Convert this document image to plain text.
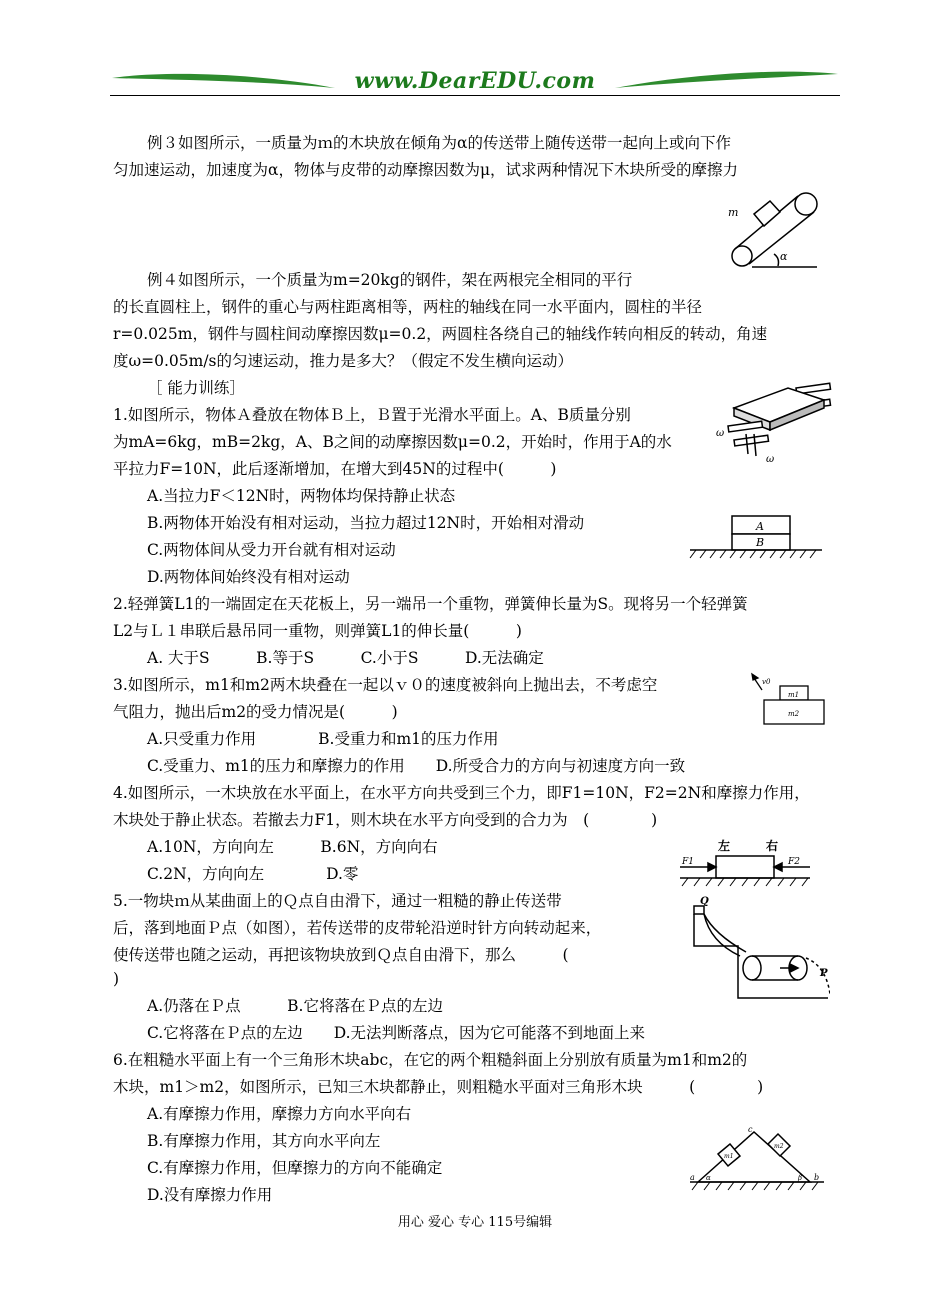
www.DearEDU.com
例３如图所示，一质量为ｍ的木块放在倾角为α的传送带上随传送带一起向上或向下作
匀加速运动，加速度为α，物体与皮带的动摩擦因数为μ，试求两种情况下木块所受的摩擦力
例４如图所示，一个质量为m=20kg的钢件，架在两根完全相同的平行
的长直圆柱上，钢件的重心与两柱距离相等，两柱的轴线在同一水平面内，圆柱的半径
r=0.025m，钢件与圆柱间动摩擦因数μ=0.2，两圆柱各绕自己的轴线作转向相反的转动，角速
度ω=0.05m/s的匀速运动，推力是多大？（假定不发生横向运动）
［ 能力训练］
1.如图所示，物体Ａ叠放在物体Ｂ上，Ｂ置于光滑水平面上。A、B质量分别
为mA=6kg，mB=2kg，A、B之间的动摩擦因数μ=0.2，开始时，作用于A的水
平拉力F=10N，此后逐渐增加，在增大到45N的过程中(　　　)
A.当拉力F＜12N时，两物体均保持静止状态
B.两物体开始没有相对运动，当拉力超过12N时，开始相对滑动
C.两物体间从受力开台就有相对运动
D.两物体间始终没有相对运动
2.轻弹簧L1的一端固定在天花板上，另一端吊一个重物，弹簧伸长量为S。现将另一个轻弹簧
L2与Ｌ１串联后悬吊同一重物，则弹簧L1的伸长量(　　　)
A. 大于S　　　B.等于S　　　C.小于S　　　D.无法确定
3.如图所示，m1和m2两木块叠在一起以ｖ０的速度被斜向上抛出去，不考虑空
气阻力，抛出后m2的受力情况是(　　　)
A.只受重力作用　　　　B.受重力和m1的压力作用
C.受重力、m1的压力和摩擦力的作用　　D.所受合力的方向与初速度方向一致
4.如图所示，一木块放在水平面上，在水平方向共受到三个力，即F1=10N，F2=2N和摩擦力作用，
木块处于静止状态。若撤去力F1，则木块在水平方向受到的合力为　(　　　　)
A.10N，方向向左　　　B.6N，方向向右
C.2N，方向向左　　　　D.零
5.一物块ｍ从某曲面上的Ｑ点自由滑下，通过一粗糙的静止传送带
后，落到地面Ｐ点（如图），若传送带的皮带轮沿逆时针方向转动起来，
使传送带也随之运动，再把该物块放到Ｑ点自由滑下，那么　　　(
)
A.仍落在Ｐ点　　　B.它将落在Ｐ点的左边
C.它将落在Ｐ点的左边　　D.无法判断落点，因为它可能落不到地面上来
6.在粗糙水平面上有一个三角形木块abc，在它的两个粗糙斜面上分别放有质量为m1和m2的
木块，m1＞m2，如图所示，已知三木块都静止，则粗糙水平面对三角形木块　　　(　　　　)
A.有摩擦力作用，摩擦力方向水平向右
B.有摩擦力作用，其方向水平向左
C.有摩擦力作用，但摩擦力的方向不能确定
D.没有摩擦力作用
m
α
ω
ω
A
B
v0
m1
m2
左	右
F1	F2
Q
P
c
m1
m2
a	b
α	β
用心 爱心 专心 115号编辑
